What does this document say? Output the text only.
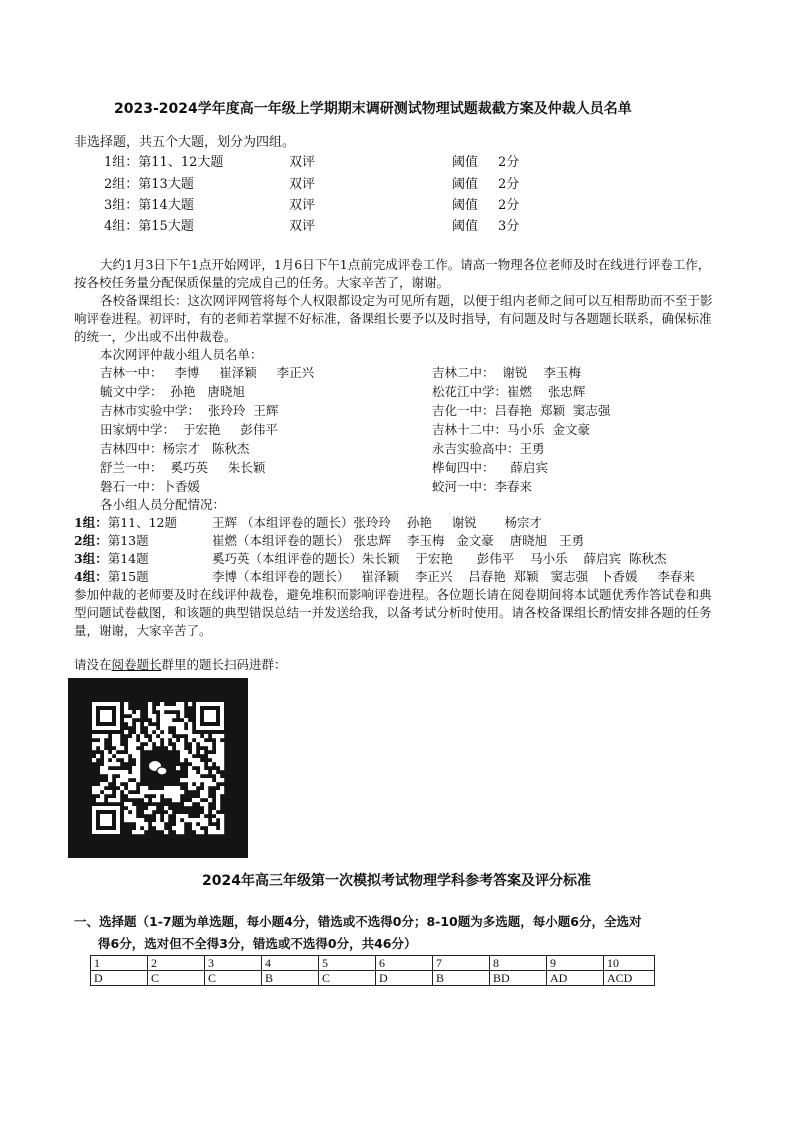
2023-2024学年度高一年级上学期期末调研测试物理试题裁截方案及仲裁人员名单
非选择题，共五个大题，划分为四组。
1组：第11、12大题	双评	阈值 2分
2组：第13大题	双评	阈值 2分
3组：第14大题	双评	阈值 2分
4组：第15大题	双评	阈值 3分
大约1月3日下午1点开始网评，1月6日下午1点前完成评卷工作。请高一物理各位老师及时在线进行评卷工作，按各校任务量分配保质保量的完成自己的任务。大家辛苦了，谢谢。
各校备课组长：这次网评网管将每个人权限都设定为可见所有题，以便于组内老师之间可以互相帮助而不至于影响评卷进程。初评时，有的老师若掌握不好标准，备课组长要予以及时指导，有问题及时与各题题长联系，确保标准的统一，少出或不出仲裁卷。
本次网评仲裁小组人员名单：
吉林一中：   李博     崔泽颖     李正兴
毓文中学：  孙艳   唐晓旭
吉林市实验中学：  张玲玲  王辉
田家炳中学：  于宏艳     彭伟平
吉林四中：杨宗才   陈秋杰
舒兰一中：  奚巧英     朱长颖
磐石一中：卜香媛
吉林二中：  谢锐    李玉梅
松花江中学：崔燃    张忠辉
吉化一中：吕春艳  郑颖  窦志强
吉林十二中：马小乐  金文豪
永吉实验高中：王勇
桦甸四中：    薛启宾
蛟河一中：李春来
各小组人员分配情况：
1组：第11、12题	王辉 （本组评卷的题长）张玲玲    孙艳     谢锐       杨宗才
2组：第13题	崔燃（本组评卷的题长） 张忠辉    李玉梅   金文豪    唐晓旭   王勇
3组：第14题	奚巧英（本组评卷的题长）朱长颖    于宏艳      彭伟平    马小乐    薛启宾  陈秋杰
4组：第15题	李博（本组评卷的题长）   崔泽颖    李正兴    吕春艳  郑颖   窦志强   卜香媛     李春来
参加仲裁的老师要及时在线评仲裁卷，避免堆积而影响评卷进程。各位题长请在阅卷期间将本试题优秀作答试卷和典型问题试卷截图，和该题的典型错误总结一并发送给我，以备考试分析时使用。请各校备课组长酌情安排各题的任务量，谢谢，大家辛苦了。
请没在阅卷题长群里的题长扫码进群：
2024年高三年级第一次模拟考试物理学科参考答案及评分标准
一、选择题（1-7题为单选题，每小题4分，错选或不选得0分；8-10题为多选题，每小题6分，全选对
得6分，选对但不全得3分，错选或不选得0分，共46分）
1	2	3	4	5	6	7	8	9	10
D	C	C	B	C	D	B	BD	AD	ACD
